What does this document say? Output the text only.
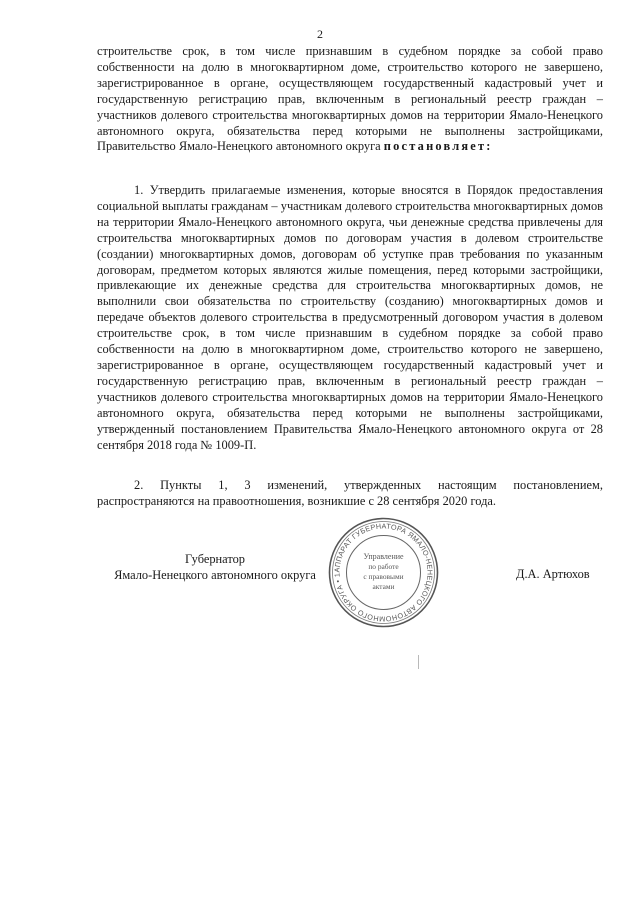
2

строительстве срок, в том числе признавшим в судебном порядке за собой право собственности на долю в многоквартирном доме, строительство которого не завершено, зарегистрированное в органе, осуществляющем государственный кадастровый учет и государственную регистрацию прав, включенным в региональный реестр граждан – участников долевого строительства многоквартирных домов на территории Ямало-Ненецкого автономного округа, обязательства перед которыми не выполнены застройщиками, Правительство Ямало-Ненецкого автономного округа постановляет:

1. Утвердить прилагаемые изменения, которые вносятся в Порядок предоставления социальной выплаты гражданам – участникам долевого строительства многоквартирных домов на территории Ямало-Ненецкого автономного округа, чьи денежные средства привлечены для строительства многоквартирных домов по договорам участия в долевом строительстве (создании) многоквартирных домов, договорам об уступке прав требования по указанным договорам, предметом которых являются жилые помещения, перед которыми застройщики, привлекающие их денежные средства для строительства многоквартирных домов, не выполнили свои обязательства по строительству (созданию) многоквартирных домов и передаче объектов долевого строительства в предусмотренный договором участия в долевом строительстве срок, в том числе признавшим в судебном порядке за собой право собственности на долю в многоквартирном доме, строительство которого не завершено, зарегистрированное в органе, осуществляющем государственный кадастровый учет и государственную регистрацию прав, включенным в региональный реестр граждан – участников долевого строительства многоквартирных домов на территории Ямало-Ненецкого автономного округа, обязательства перед которыми не выполнены застройщиками, утвержденный постановлением Правительства Ямало-Ненецкого автономного округа от 28 сентября 2018 года № 1009-П.

2. Пункты 1, 3 изменений, утвержденных настоящим постановлением, распространяются на правоотношения, возникшие с 28 сентября 2020 года.

Губернатор
Ямало-Ненецкого автономного округа	АППАРАТ ГУБЕРНАТОРА ЯМАЛО-НЕНЕЦКОГО АВТОНОМНОГО ОКРУГА • 1
Управление
по работе
с правовыми
актами
Д.А. Артюхов
